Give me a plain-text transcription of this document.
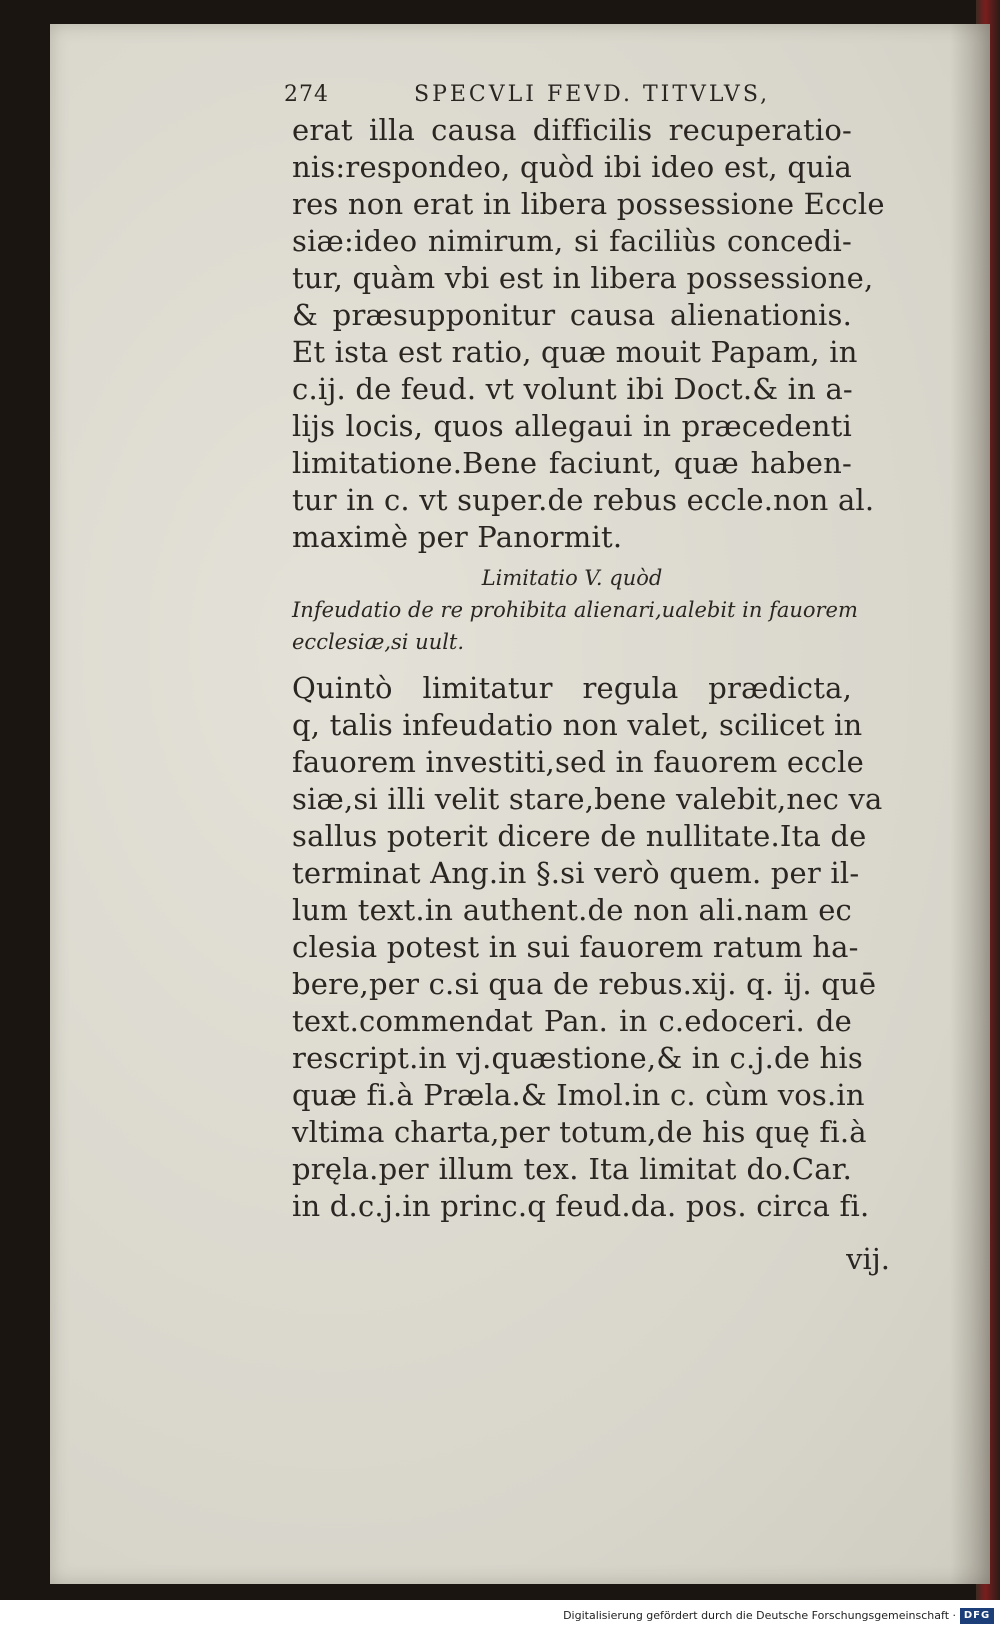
274	SPECVLI FEVD. TITVLVS,
erat illa causa difficilis recuperatio-
nis:respondeo, quòd ibi ideo est, quia
res non erat in libera possessione Eccle
siæ:ideo nimirum, si faciliùs concedi-
tur, quàm vbi est in libera possessione,
& præsupponitur causa alienationis.
Et ista est ratio, quæ mouit Papam, in
c.ij. de feud. vt volunt ibi Doct.& in a-
lijs locis, quos allegaui in præcedenti
limitatione.Bene faciunt, quæ haben-
tur in c. vt super.de rebus eccle.non al.
maximè per Panormit.
Limitatio V. quòd
Infeudatio de re prohibita alienari,ualebit in fauorem
ecclesiæ,si uult.
Quintò limitatur regula prædicta,
q, talis infeudatio non valet, scilicet in
fauorem investiti,sed in fauorem eccle
siæ,si illi velit stare,bene valebit,nec va
sallus poterit dicere de nullitate.Ita de
terminat Ang.in §.si verò quem. per il-
lum text.in authent.de non ali.nam ec
clesia potest in sui fauorem ratum ha-
bere,per c.si qua de rebus.xij. q. ij. quē
text.commendat Pan. in c.edoceri. de
rescript.in vj.quæstione,& in c.j.de his
quæ fi.à Præla.& Imol.in c. cùm vos.in
vltima charta,per totum,de his quę fi.à
pręla.per illum tex. Ita limitat do.Car.
in d.c.j.in princ.q feud.da. pos. circa fi.
vij.
Digitalisierung gefördert durch die Deutsche Forschungsgemeinschaft · DFG
